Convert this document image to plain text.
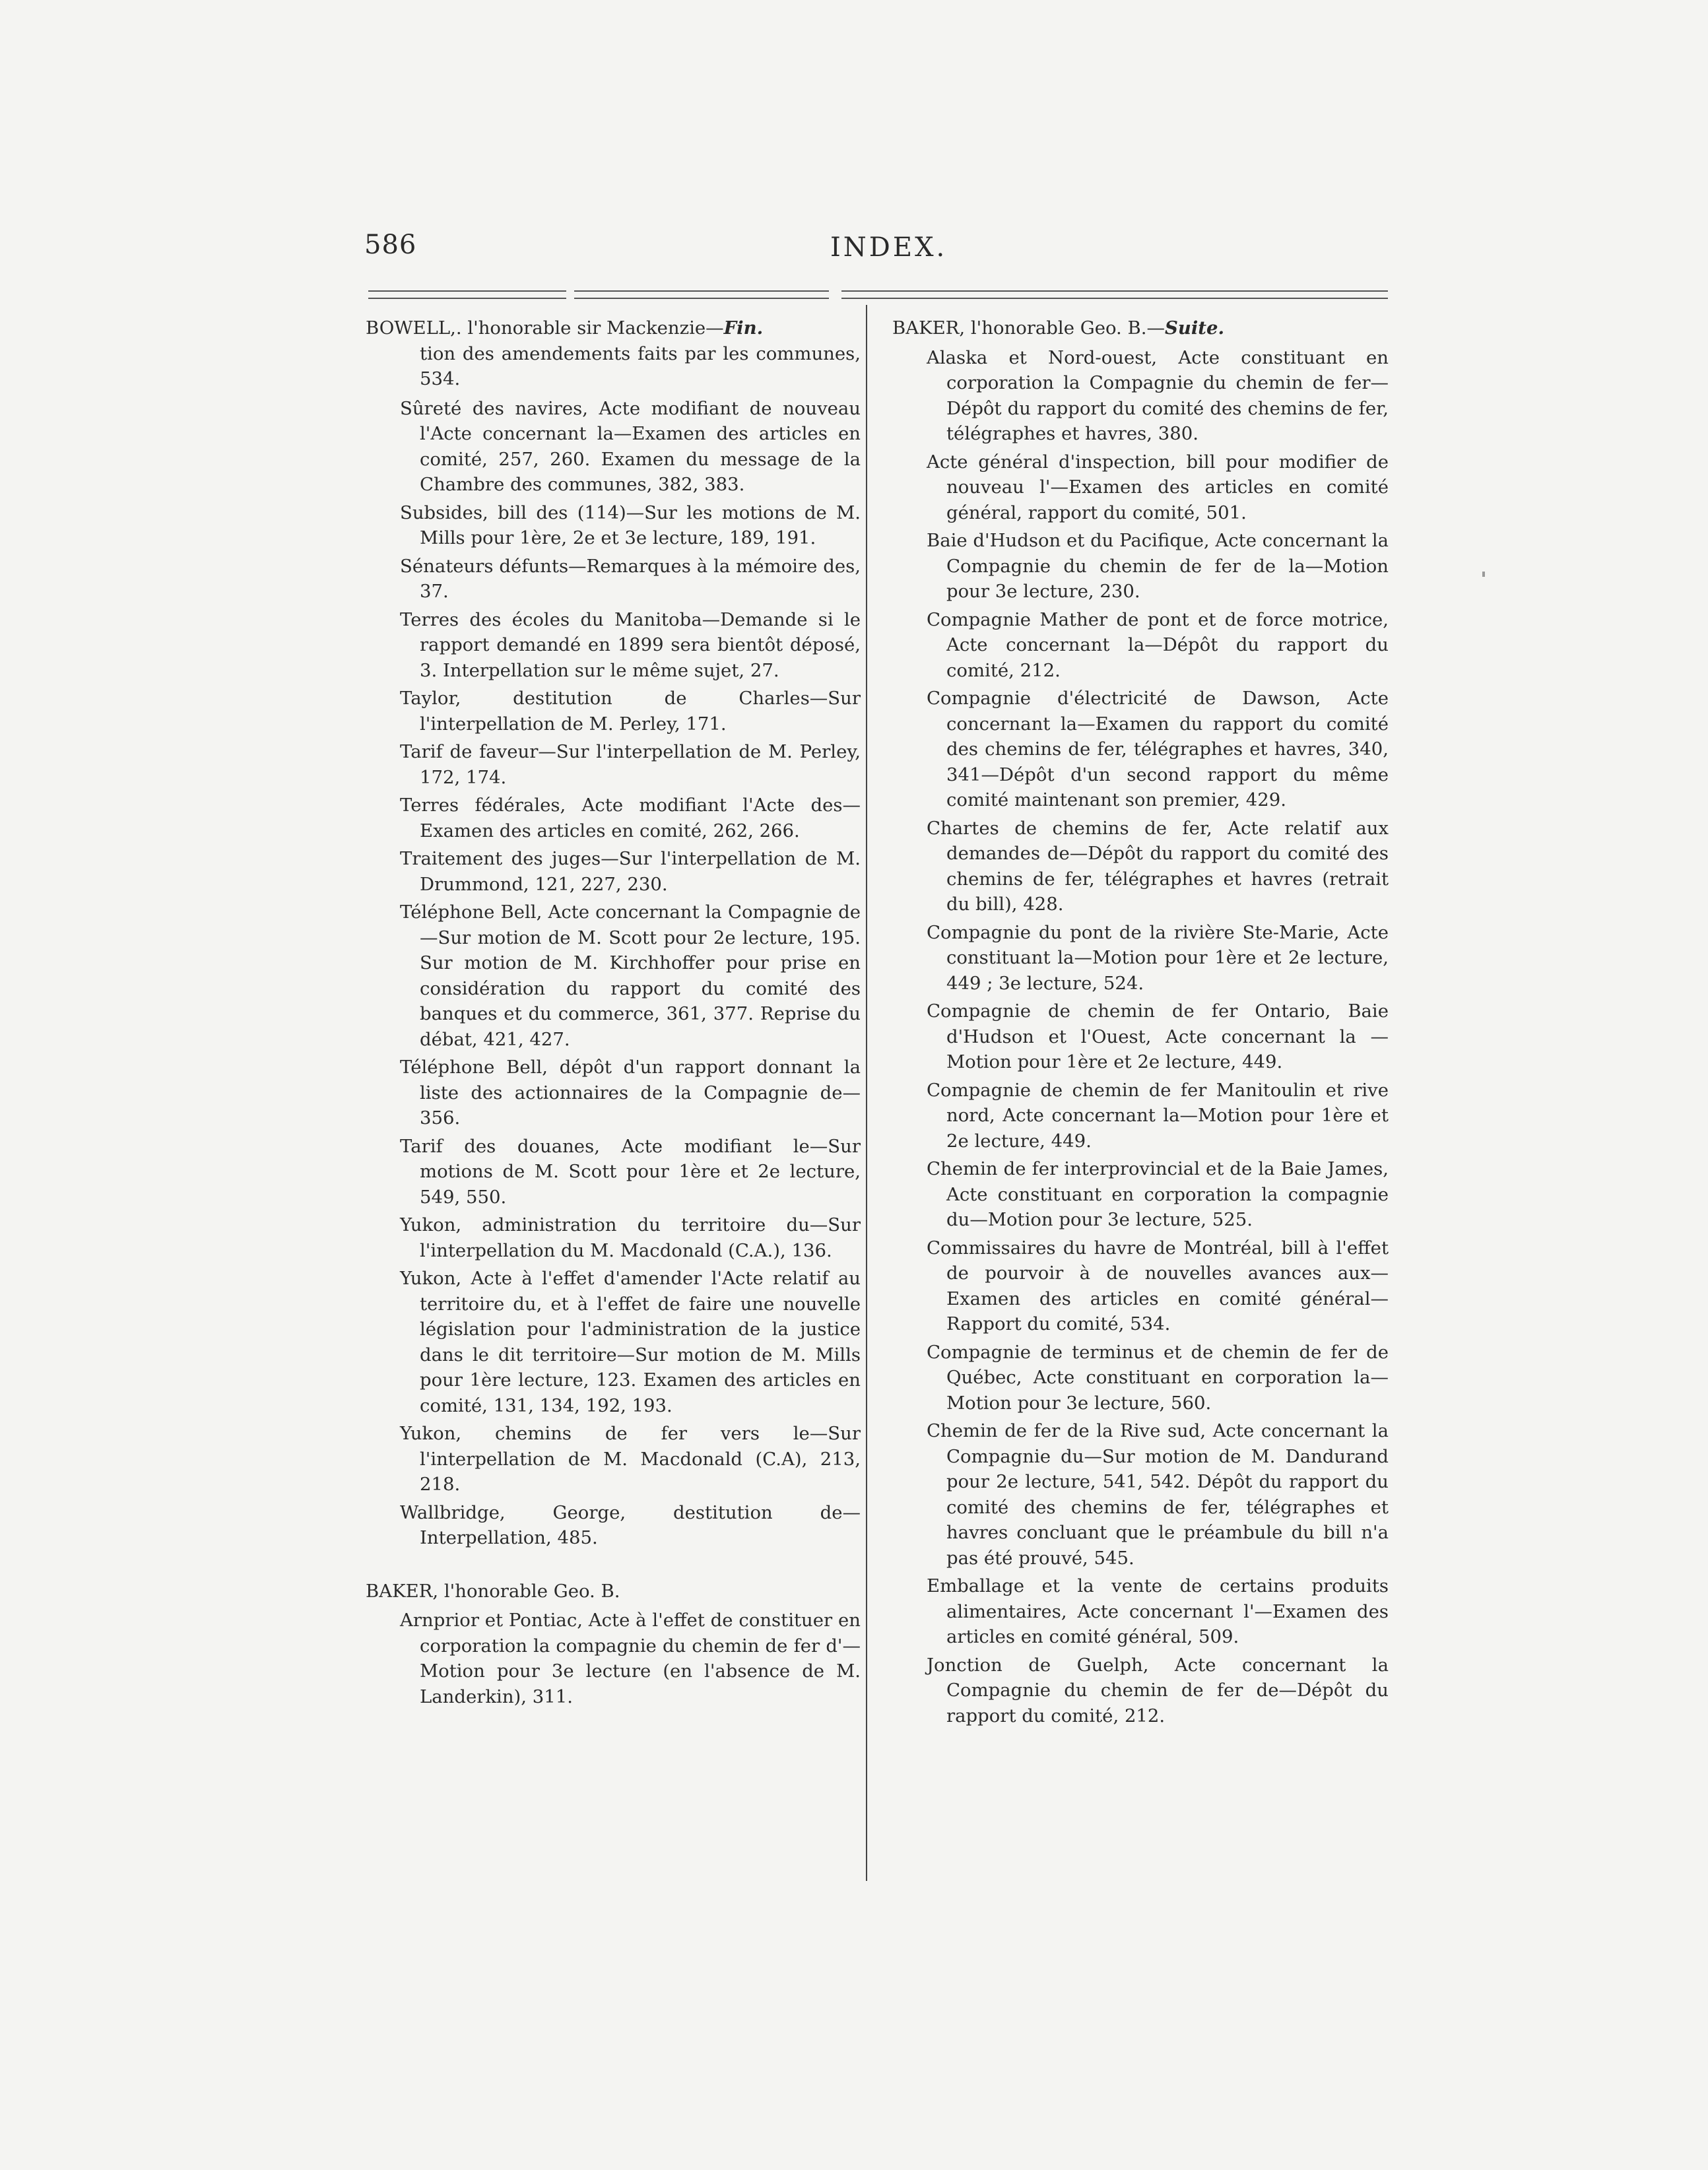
586	INDEX.
BOWELL,. l'honorable sir Mackenzie—Fin.
tion des amendements faits par les communes, 534.
Sûreté des navires, Acte modifiant de nouveau l'Acte concernant la—Examen des articles en comité, 257, 260. Examen du message de la Chambre des communes, 382, 383.
Subsides, bill des (114)—Sur les motions de M. Mills pour 1ère, 2e et 3e lecture, 189, 191.
Sénateurs défunts—Remarques à la mémoire des, 37.
Terres des écoles du Manitoba—Demande si le rapport demandé en 1899 sera bientôt déposé, 3. Interpellation sur le même sujet, 27.
Taylor, destitution de Charles—Sur l'interpellation de M. Perley, 171.
Tarif de faveur—Sur l'interpellation de M. Perley, 172, 174.
Terres fédérales, Acte modifiant l'Acte des—Examen des articles en comité, 262, 266.
Traitement des juges—Sur l'interpellation de M. Drummond, 121, 227, 230.
Téléphone Bell, Acte concernant la Compagnie de—Sur motion de M. Scott pour 2e lecture, 195. Sur motion de M. Kirchhoffer pour prise en considération du rapport du comité des banques et du commerce, 361, 377. Reprise du débat, 421, 427.
Téléphone Bell, dépôt d'un rapport donnant la liste des actionnaires de la Compagnie de—356.
Tarif des douanes, Acte modifiant le—Sur motions de M. Scott pour 1ère et 2e lecture, 549, 550.
Yukon, administration du territoire du—Sur l'interpellation du M. Macdonald (C.A.), 136.
Yukon, Acte à l'effet d'amender l'Acte relatif au territoire du, et à l'effet de faire une nouvelle législation pour l'administration de la justice dans le dit territoire—Sur motion de M. Mills pour 1ère lecture, 123. Examen des articles en comité, 131, 134, 192, 193.
Yukon, chemins de fer vers le—Sur l'interpellation de M. Macdonald (C.A), 213, 218.
Wallbridge, George, destitution de—Interpellation, 485.
BAKER, l'honorable Geo. B.
Arnprior et Pontiac, Acte à l'effet de constituer en corporation la compagnie du chemin de fer d'—Motion pour 3e lecture (en l'absence de M. Landerkin), 311.
BAKER, l'honorable Geo. B.—Suite.
Alaska et Nord-ouest, Acte constituant en corporation la Compagnie du chemin de fer—Dépôt du rapport du comité des chemins de fer, télégraphes et havres, 380.
Acte général d'inspection, bill pour modifier de nouveau l'—Examen des articles en comité général, rapport du comité, 501.
Baie d'Hudson et du Pacifique, Acte concernant la Compagnie du chemin de fer de la—Motion pour 3e lecture, 230.
Compagnie Mather de pont et de force motrice, Acte concernant la—Dépôt du rapport du comité, 212.
Compagnie d'électricité de Dawson, Acte concernant la—Examen du rapport du comité des chemins de fer, télégraphes et havres, 340, 341—Dépôt d'un second rapport du même comité maintenant son premier, 429.
Chartes de chemins de fer, Acte relatif aux demandes de—Dépôt du rapport du comité des chemins de fer, télégraphes et havres (retrait du bill), 428.
Compagnie du pont de la rivière Ste-Marie, Acte constituant la—Motion pour 1ère et 2e lecture, 449 ; 3e lecture, 524.
Compagnie de chemin de fer Ontario, Baie d'Hudson et l'Ouest, Acte concernant la —Motion pour 1ère et 2e lecture, 449.
Compagnie de chemin de fer Manitoulin et rive nord, Acte concernant la—Motion pour 1ère et 2e lecture, 449.
Chemin de fer interprovincial et de la Baie James, Acte constituant en corporation la compagnie du—Motion pour 3e lecture, 525.
Commissaires du havre de Montréal, bill à l'effet de pourvoir à de nouvelles avances aux—Examen des articles en comité général—Rapport du comité, 534.
Compagnie de terminus et de chemin de fer de Québec, Acte constituant en corporation la—Motion pour 3e lecture, 560.
Chemin de fer de la Rive sud, Acte concernant la Compagnie du—Sur motion de M. Dandurand pour 2e lecture, 541, 542. Dépôt du rapport du comité des chemins de fer, télégraphes et havres concluant que le préambule du bill n'a pas été prouvé, 545.
Emballage et la vente de certains produits alimentaires, Acte concernant l'—Examen des articles en comité général, 509.
Jonction de Guelph, Acte concernant la Compagnie du chemin de fer de—Dépôt du rapport du comité, 212.
